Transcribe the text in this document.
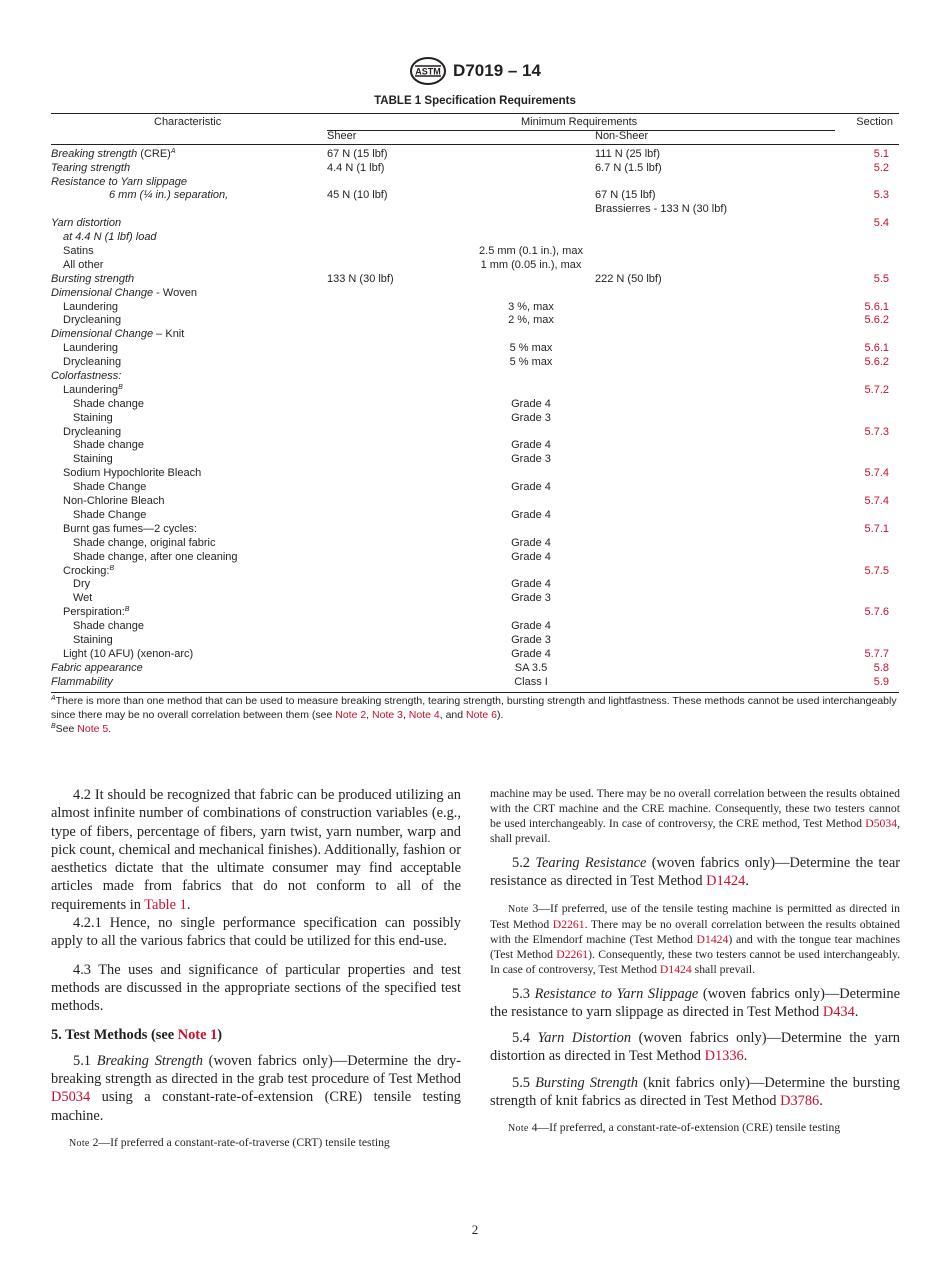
ASTM D7019 – 14
TABLE 1 Specification Requirements
Characteristic	Minimum Requirements	Section
Sheer	Non-Sheer
Breaking strength (CRE)$^A$	67 N (15 lbf)	111 N (25 lbf)	5.1
Tearing strength	4.4 N (1 lbf)	6.7 N (1.5 lbf)	5.2
Resistance to Yarn slippage
6 mm (¼ in.) separation,	45 N (10 lbf)	67 N (15 lbf)	5.3
Brassierres - 133 N (30 lbf)
Yarn distortion	5.4
at 4.4 N (1 lbf) load
Satins	2.5 mm (0.1 in.), max
All other	1 mm (0.05 in.), max
Bursting strength	133 N (30 lbf)	222 N (50 lbf)	5.5
Dimensional Change - Woven
Laundering	3 %, max	5.6.1
Drycleaning	2 %, max	5.6.2
Dimensional Change – Knit
Laundering	5 % max	5.6.1
Drycleaning	5 % max	5.6.2
Colorfastness:
Laundering$^B$	5.7.2
Shade change	Grade 4
Staining	Grade 3
Drycleaning	5.7.3
Shade change	Grade 4
Staining	Grade 3
Sodium Hypochlorite Bleach	5.7.4
Shade Change	Grade 4
Non-Chlorine Bleach	5.7.4
Shade Change	Grade 4
Burnt gas fumes—2 cycles:	5.7.1
Shade change, original fabric	Grade 4
Shade change, after one cleaning	Grade 4
Crocking:$^B$	5.7.5
Dry	Grade 4
Wet	Grade 3
Perspiration:$^B$	5.7.6
Shade change	Grade 4
Staining	Grade 3
Light (10 AFU) (xenon-arc)	Grade 4	5.7.7
Fabric appearance	SA 3.5	5.8
Flammability	Class I	5.9
$^A$There is more than one method that can be used to measure breaking strength, tearing strength, bursting strength and lightfastness. These methods cannot be used interchangeably since there may be no overall correlation between them (see Note 2, Note 3, Note 4, and Note 6).
$^B$See Note 5.

4.2 It should be recognized that fabric can be produced utilizing an almost infinite number of combinations of construction variables (e.g., type of fibers, percentage of fibers, yarn twist, yarn number, warp and pick count, chemical and mechanical finishes). Additionally, fashion or aesthetics dictate that the ultimate consumer may find acceptable articles made from fabrics that do not conform to all of the requirements in Table 1.

4.2.1 Hence, no single performance specification can possibly apply to all the various fabrics that could be utilized for this end-use.

4.3 The uses and significance of particular properties and test methods are discussed in the appropriate sections of the specified test methods.

5. Test Methods (see Note 1)

5.1 Breaking Strength (woven fabrics only)—Determine the dry-breaking strength as directed in the grab test procedure of Test Method D5034 using a constant-rate-of-extension (CRE) tensile testing machine.

Note 2—If preferred a constant-rate-of-traverse (CRT) tensile testing

machine may be used. There may be no overall correlation between the results obtained with the CRT machine and the CRE machine. Consequently, these two testers cannot be used interchangeably. In case of controversy, the CRE method, Test Method D5034, shall prevail.

5.2 Tearing Resistance (woven fabrics only)—Determine the tear resistance as directed in Test Method D1424.

Note 3—If preferred, use of the tensile testing machine is permitted as directed in Test Method D2261. There may be no overall correlation between the results obtained with the Elmendorf machine (Test Method D1424) and with the tongue tear machines (Test Method D2261). Consequently, these two testers cannot be used interchangeably. In case of controversy, Test Method D1424 shall prevail.

5.3 Resistance to Yarn Slippage (woven fabrics only)—Determine the resistance to yarn slippage as directed in Test Method D434.

5.4 Yarn Distortion (woven fabrics only)—Determine the yarn distortion as directed in Test Method D1336.

5.5 Bursting Strength (knit fabrics only)—Determine the bursting strength of knit fabrics as directed in Test Method D3786.

Note 4—If preferred, a constant-rate-of-extension (CRE) tensile testing

2
